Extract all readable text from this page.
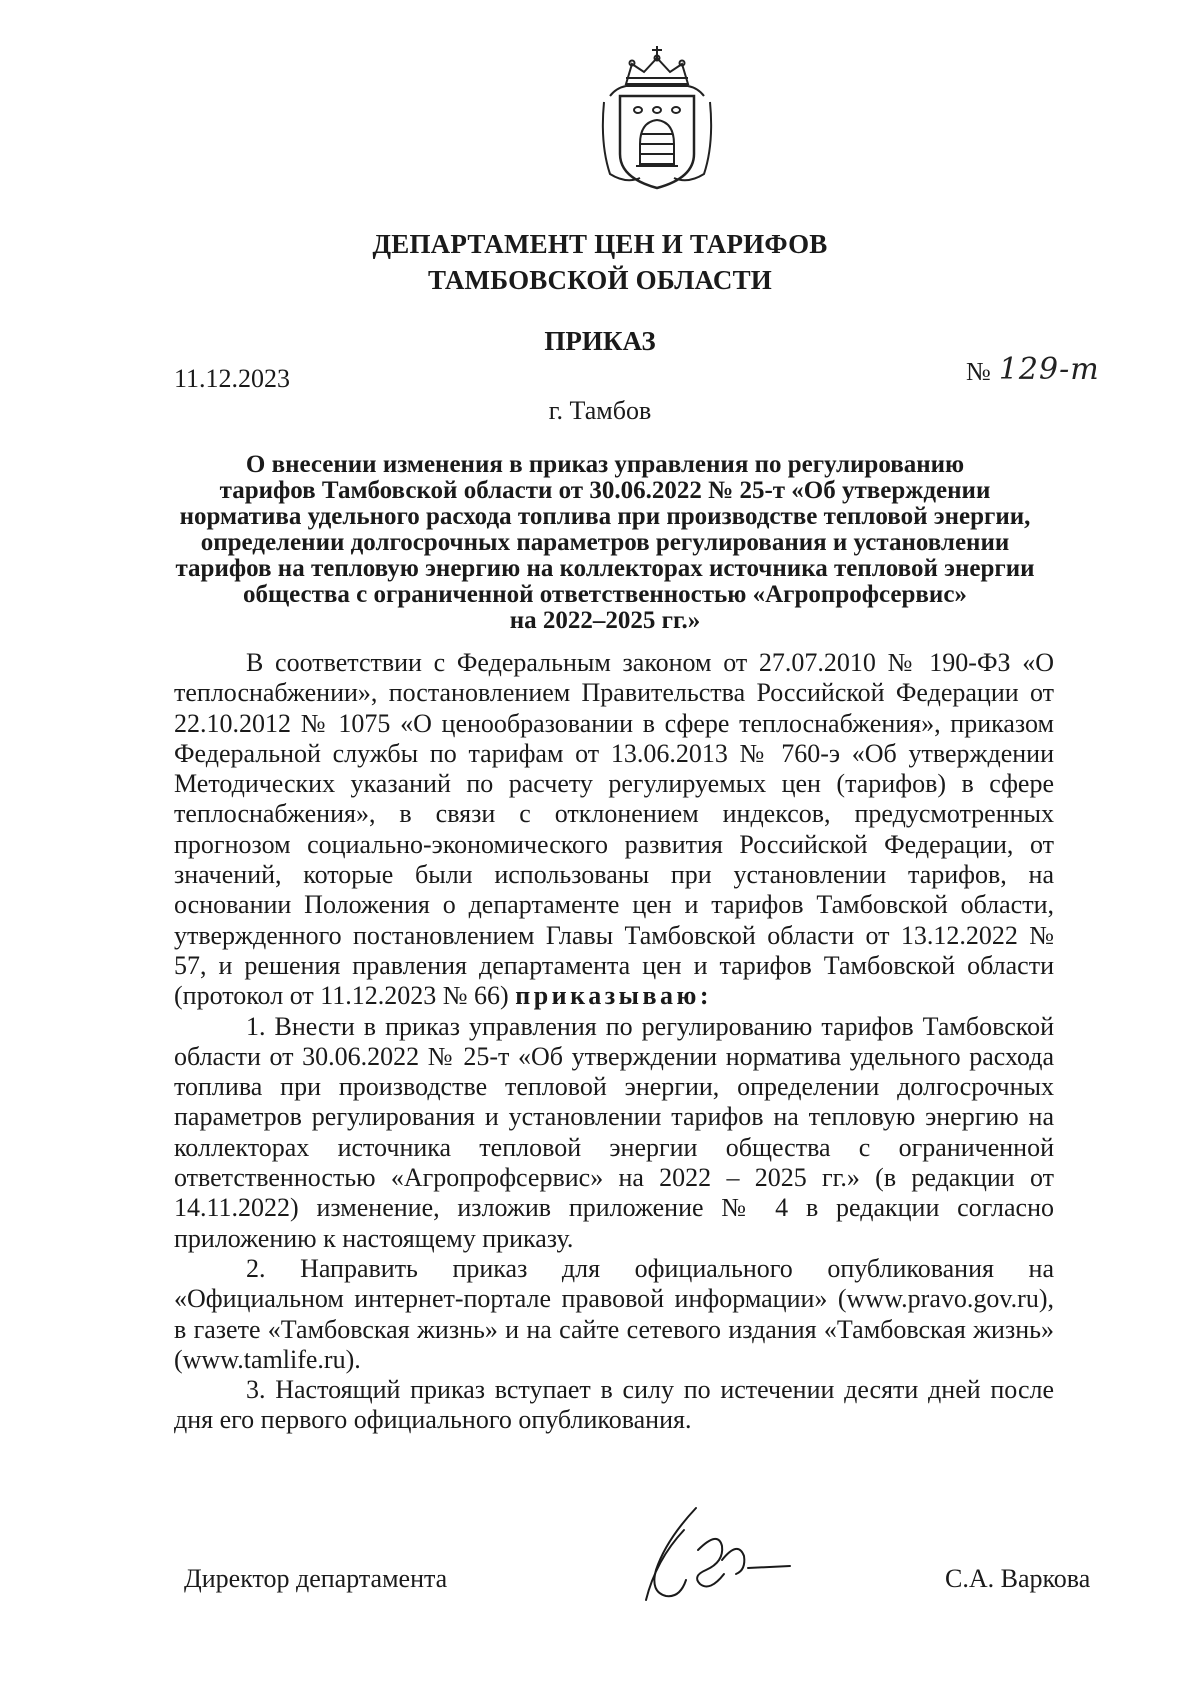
ДЕПАРТАМЕНТ ЦЕН И ТАРИФОВ
ТАМБОВСКОЙ ОБЛАСТИ
ПРИКАЗ
11.12.2023	№ 129-т
г. Тамбов
О внесении изменения в приказ управления по регулированию
тарифов Тамбовской области от 30.06.2022 № 25-т «Об утверждении
норматива удельного расхода топлива при производстве тепловой энергии,
определении долгосрочных параметров регулирования и установлении
тарифов на тепловую энергию на коллекторах источника тепловой энергии
общества с ограниченной ответственностью «Агропрофсервис»
на 2022–2025 гг.»

В соответствии с Федеральным законом от 27.07.2010 № 190-ФЗ «О теплоснабжении», постановлением Правительства Российской Федерации от 22.10.2012 № 1075 «О ценообразовании в сфере теплоснабжения», приказом Федеральной службы по тарифам от 13.06.2013 № 760-э «Об утверждении Методических указаний по расчету регулируемых цен (тарифов) в сфере теплоснабжения», в связи с отклонением индексов, предусмотренных прогнозом социально-экономического развития Российской Федерации, от значений, которые были использованы при установлении тарифов, на основании Положения о департаменте цен и тарифов Тамбовской области, утвержденного постановлением Главы Тамбовской области от 13.12.2022 № 57, и решения правления департамента цен и тарифов Тамбовской области (протокол от 11.12.2023 № 66) приказываю:

1. Внести в приказ управления по регулированию тарифов Тамбовской области от 30.06.2022 № 25-т «Об утверждении норматива удельного расхода топлива при производстве тепловой энергии, определении долгосрочных параметров регулирования и установлении тарифов на тепловую энергию на коллекторах источника тепловой энергии общества с ограниченной ответственностью «Агропрофсервис» на 2022 – 2025 гг.» (в редакции от 14.11.2022) изменение, изложив приложение № 4 в редакции согласно приложению к настоящему приказу.

2. Направить приказ для официального опубликования на «Официальном интернет-портале правовой информации» (www.pravo.gov.ru), в газете «Тамбовская жизнь» и на сайте сетевого издания «Тамбовская жизнь» (www.tamlife.ru).

3. Настоящий приказ вступает в силу по истечении десяти дней после дня его первого официального опубликования.

Директор департамента	С.А. Варкова
